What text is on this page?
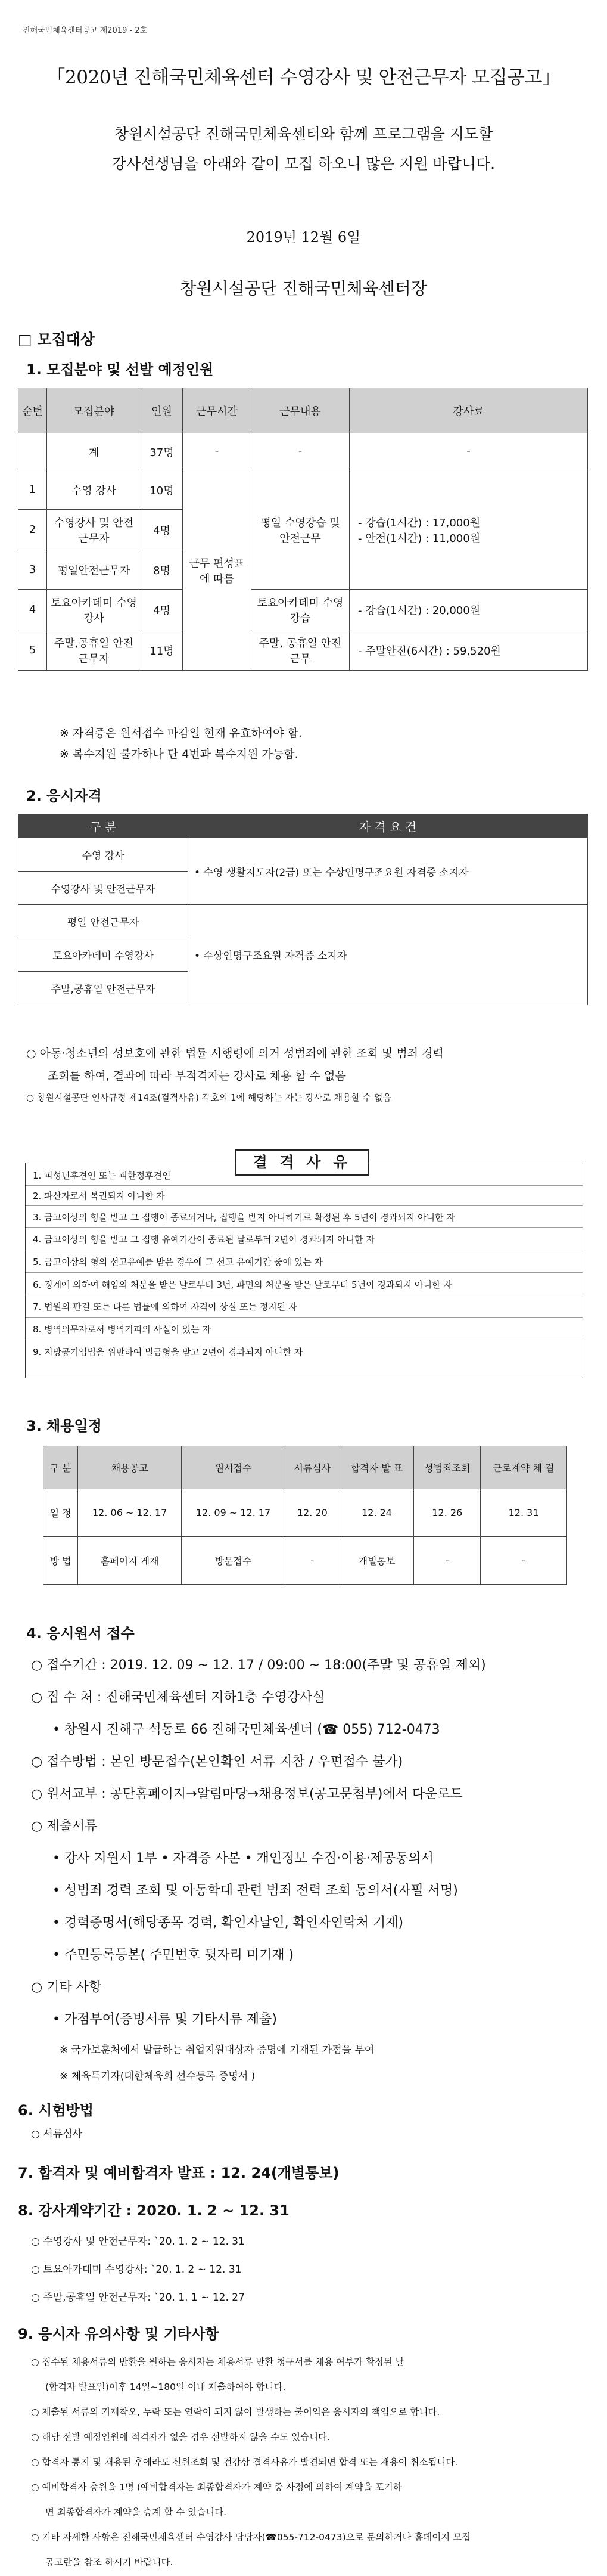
진해국민체육센터공고 제2019 - 2호
「2020년 진해국민체육센터 수영강사 및 안전근무자 모집공고」
창원시설공단 진해국민체육센터와 함께 프로그램을 지도할
강사선생님을 아래와 같이 모집 하오니 많은 지원 바랍니다.
2019년 12월 6일
창원시설공단 진해국민체육센터장
□ 모집대상
1. 모집분야 및 선발 예정인원
순번	모집분야	인원	근무시간	근무내용	강사료
	계	37명	-	-	-
1	수영 강사	10명	근무 편성표에 따름	평일 수영강습 및 안전근무	- 강습(1시간) : 17,000원
- 안전(1시간) : 11,000원

2	수영강사 및 안전근무자	4명			
3	평일안전근무자	8명			
4	토요아카데미 수영 강사	4명		토요아카데미 수영강습	- 강습(1시간) : 20,000원
5	주말,공휴일 안전근무자	11명		주말, 공휴일 안전근무	- 주말안전(6시간) : 59,520원
※ 자격증은 원서접수 마감일 현재 유효하여야 함.
※ 복수지원 불가하나 단 4번과 복수지원 가능함.
2. 응시자격
구 분	자 격 요 건
수영 강사	• 수영 생활지도자(2급) 또는 수상인명구조요원 자격증 소지자
수영강사 및 안전근무자	
평일 안전근무자	• 수상인명구조요원 자격증 소지자
토요아카데미 수영강사	
주말,공휴일 안전근무자	
○ 아동·청소년의 성보호에 관한 법률 시행령에 의거 성범죄에 관한 조회 및 범죄 경력
조회를 하여, 결과에 따라 부적격자는 강사로 채용 할 수 없음
○ 창원시설공단 인사규정 제14조(결격사유) 각호의 1에 해당하는 자는 강사로 채용할 수 없음
1. 피성년후견인 또는 피한정후견인
2. 파산자로서 복권되지 아니한 자
3. 금고이상의 형을 받고 그 집행이 종료되거나, 집행을 받지 아니하기로 확정된 후 5년이 경과되지 아니한 자
4. 금고이상의 형을 받고 그 집행 유예기간이 종료된 날로부터 2년이 경과되지 아니한 자
5. 금고이상의 형의 선고유예를 받은 경우에 그 선고 유예기간 중에 있는 자
6. 징계에 의하여 해임의 처분을 받은 날로부터 3년, 파면의 처분을 받은 날로부터 5년이 경과되지 아니한 자
7. 법원의 판결 또는 다른 법률에 의하여 자격이 상실 또는 정지된 자
8. 병역의무자로서 병역기피의 사실이 있는 자
9. 지방공기업법을 위반하여 벌금형을 받고 2년이 경과되지 아니한 자
결 격 사 유
3. 채용일정
구 분	채용공고	원서접수	서류심사	합격자 발 표	성범죄조회	근로계약 체 결
일 정	12. 06 ~ 12. 17	12. 09 ~ 12. 17	12. 20	12. 24	12. 26	12. 31
방 법	홈페이지 게재	방문접수	-	개별통보	-	-
4. 응시원서 접수
○ 접수기간 : 2019. 12. 09 ~ 12. 17 / 09:00 ~ 18:00(주말 및 공휴일 제외)
○ 접 수 처 : 진해국민체육센터 지하1층 수영강사실
• 창원시 진해구 석동로 66 진해국민체육센터 (☎ 055) 712-0473
○ 접수방법 : 본인 방문접수(본인확인 서류 지참 / 우편접수 불가)
○ 원서교부 : 공단홈페이지→알림마당→채용정보(공고문첨부)에서 다운로드
○ 제출서류
• 강사 지원서 1부 • 자격증 사본 • 개인정보 수집·이용·제공동의서
• 성범죄 경력 조회 및 아동학대 관련 범죄 전력 조회 동의서(자필 서명)
• 경력증명서(해당종목 경력, 확인자날인, 확인자연락처 기재)
• 주민등록등본( 주민번호 뒷자리 미기재 )
○ 기타 사항
• 가점부여(증빙서류 및 기타서류 제출)
※ 국가보훈처에서 발급하는 취업지원대상자 증명에 기재된 가점을 부여
※ 체육특기자(대한체육회 선수등록 증명서 )
6. 시험방법
○ 서류심사
7. 합격자 및 예비합격자 발표 : 12. 24(개별통보)
8. 강사계약기간 : 2020. 1. 2 ~ 12. 31
○ 수영강사 및 안전근무자: `20. 1. 2 ~ 12. 31
○ 토요아카데미 수영강사: `20. 1. 2 ~ 12. 31
○ 주말,공휴일 안전근무자: `20. 1. 1 ~ 12. 27
9. 응시자 유의사항 및 기타사항
○ 접수된 채용서류의 반환을 원하는 응시자는 채용서류 반환 청구서를 채용 여부가 확정된 날
(합격자 발표일)이후 14일~180일 이내 제출하여야 합니다.
○ 제출된 서류의 기재착오, 누락 또는 연락이 되지 않아 발생하는 불이익은 응시자의 책임으로 합니다.
○ 해당 선발 예정인원에 적격자가 없을 경우 선발하지 않을 수도 있습니다.
○ 합격자 통지 및 채용된 후에라도 신원조회 및 건강상 결격사유가 발견되면 합격 또는 채용이 취소됩니다.
○ 예비합격자 충원을 1명 (예비합격자는 최종합격자가 계약 중 사정에 의하여 계약을 포기하
면 최종합격자가 계약을 승계 할 수 있습니다.
○ 기타 자세한 사항은 진해국민체육센터 수영강사 담당자(☎055-712-0473)으로 문의하거나 홈페이지 모집
공고란을 참조 하시기 바랍니다.
